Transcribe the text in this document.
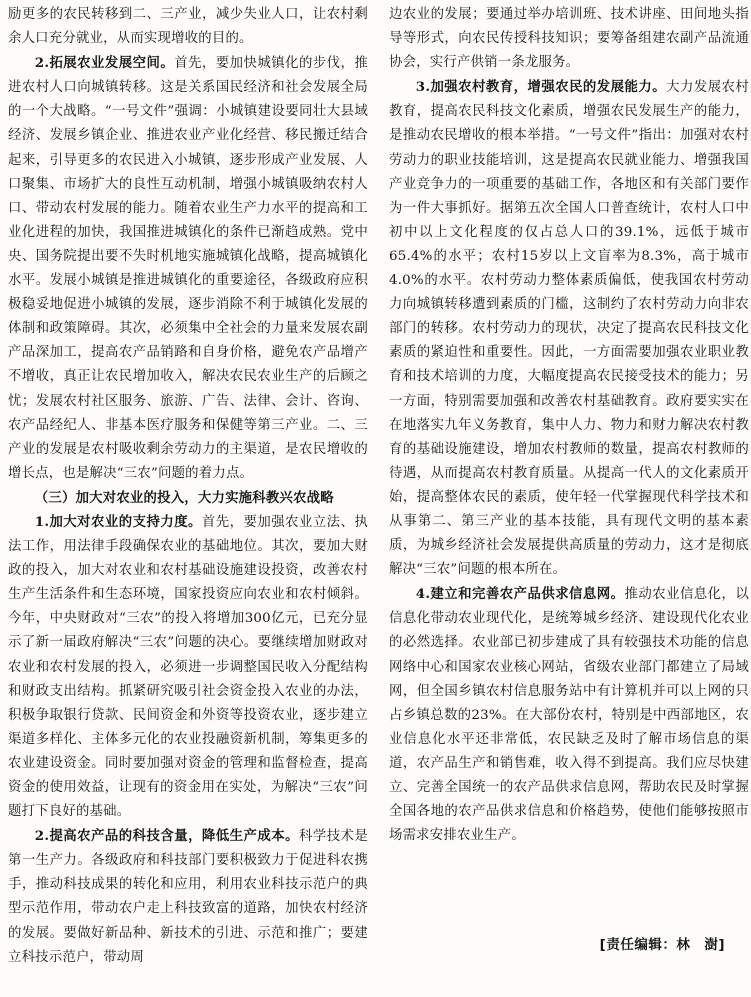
励更多的农民转移到二、三产业，减少失业人口，让农村剩余人口充分就业，从而实现增收的目的。

2.拓展农业发展空间。首先，要加快城镇化的步伐，推进农村人口向城镇转移。这是关系国民经济和社会发展全局的一个大战略。“一号文件”强调：小城镇建设要同壮大县域经济、发展乡镇企业、推进农业产业化经营、移民搬迁结合起来，引导更多的农民进入小城镇，逐步形成产业发展、人口聚集、市场扩大的良性互动机制，增强小城镇吸纳农村人口、带动农村发展的能力。随着农业生产力水平的提高和工业化进程的加快，我国推进城镇化的条件已渐趋成熟。党中央、国务院提出要不失时机地实施城镇化战略，提高城镇化水平。发展小城镇是推进城镇化的重要途径，各级政府应积极稳妥地促进小城镇的发展，逐步消除不利于城镇化发展的体制和政策障碍。其次，必须集中全社会的力量来发展农副产品深加工，提高农产品销路和自身价格，避免农产品增产不增收，真正让农民增加收入，解决农民农业生产的后顾之忧；发展农村社区服务、旅游、广告、法律、会计、咨询、农产品经纪人、非基本医疗服务和保健等第三产业。二、三产业的发展是农村吸收剩余劳动力的主渠道，是农民增收的增长点，也是解决“三农”问题的着力点。

（三）加大对农业的投入，大力实施科教兴农战略

1.加大对农业的支持力度。首先，要加强农业立法、执法工作，用法律手段确保农业的基础地位。其次，要加大财政的投入，加大对农业和农村基础设施建设投资，改善农村生产生活条件和生态环境，国家投资应向农业和农村倾斜。今年，中央财政对“三农”的投入将增加300亿元，已充分显示了新一届政府解决“三农”问题的决心。要继续增加财政对农业和农村发展的投入，必须进一步调整国民收入分配结构和财政支出结构。抓紧研究吸引社会资金投入农业的办法，积极争取银行贷款、民间资金和外资等投资农业，逐步建立渠道多样化、主体多元化的农业投融资新机制，筹集更多的农业建设资金。同时要加强对资金的管理和监督检查，提高资金的使用效益，让现有的资金用在实处，为解决“三农”问题打下良好的基础。

2.提高农产品的科技含量，降低生产成本。科学技术是第一生产力。各级政府和科技部门要积极致力于促进科农携手，推动科技成果的转化和应用，利用农业科技示范户的典型示范作用，带动农户走上科技致富的道路，加快农村经济的发展。要做好新品种、新技术的引进、示范和推广；要建立科技示范户，带动周

边农业的发展；要通过举办培训班、技术讲座、田间地头指导等形式，向农民传授科技知识；要筹备组建农副产品流通协会，实行产供销一条龙服务。

3.加强农村教育，增强农民的发展能力。大力发展农村教育，提高农民科技文化素质，增强农民发展生产的能力，是推动农民增收的根本举措。“一号文件”指出：加强对农村劳动力的职业技能培训，这是提高农民就业能力、增强我国产业竞争力的一项重要的基础工作，各地区和有关部门要作为一件大事抓好。据第五次全国人口普查统计，农村人口中初中以上文化程度的仅占总人口的39.1%，远低于城市65.4%的水平；农村15岁以上文盲率为8.3%，高于城市4.0%的水平。农村劳动力整体素质偏低，使我国农村劳动力向城镇转移遭到素质的门槛，这制约了农村劳动力向非农部门的转移。农村劳动力的现状，决定了提高农民科技文化素质的紧迫性和重要性。因此，一方面需要加强农业职业教育和技术培训的力度，大幅度提高农民接受技术的能力；另一方面，特别需要加强和改善农村基础教育。政府要实实在在地落实九年义务教育，集中人力、物力和财力解决农村教育的基础设施建设，增加农村教师的数量，提高农村教师的待遇，从而提高农村教育质量。从提高一代人的文化素质开始，提高整体农民的素质，使年轻一代掌握现代科学技术和从事第二、第三产业的基本技能，具有现代文明的基本素质，为城乡经济社会发展提供高质量的劳动力，这才是彻底解决“三农”问题的根本所在。

4.建立和完善农产品供求信息网。推动农业信息化，以信息化带动农业现代化，是统筹城乡经济、建设现代化农业的必然选择。农业部已初步建成了具有较强技术功能的信息网络中心和国家农业核心网站，省级农业部门都建立了局域网，但全国乡镇农村信息服务站中有计算机并可以上网的只占乡镇总数的23%。在大部份农村，特别是中西部地区，农业信息化水平还非常低，农民缺乏及时了解市场信息的渠道，农产品生产和销售难，收入得不到提高。我们应尽快建立、完善全国统一的农产品供求信息网，帮助农民及时掌握全国各地的农产品供求信息和价格趋势，使他们能够按照市场需求安排农业生产。

[责任编辑：林　澍]
